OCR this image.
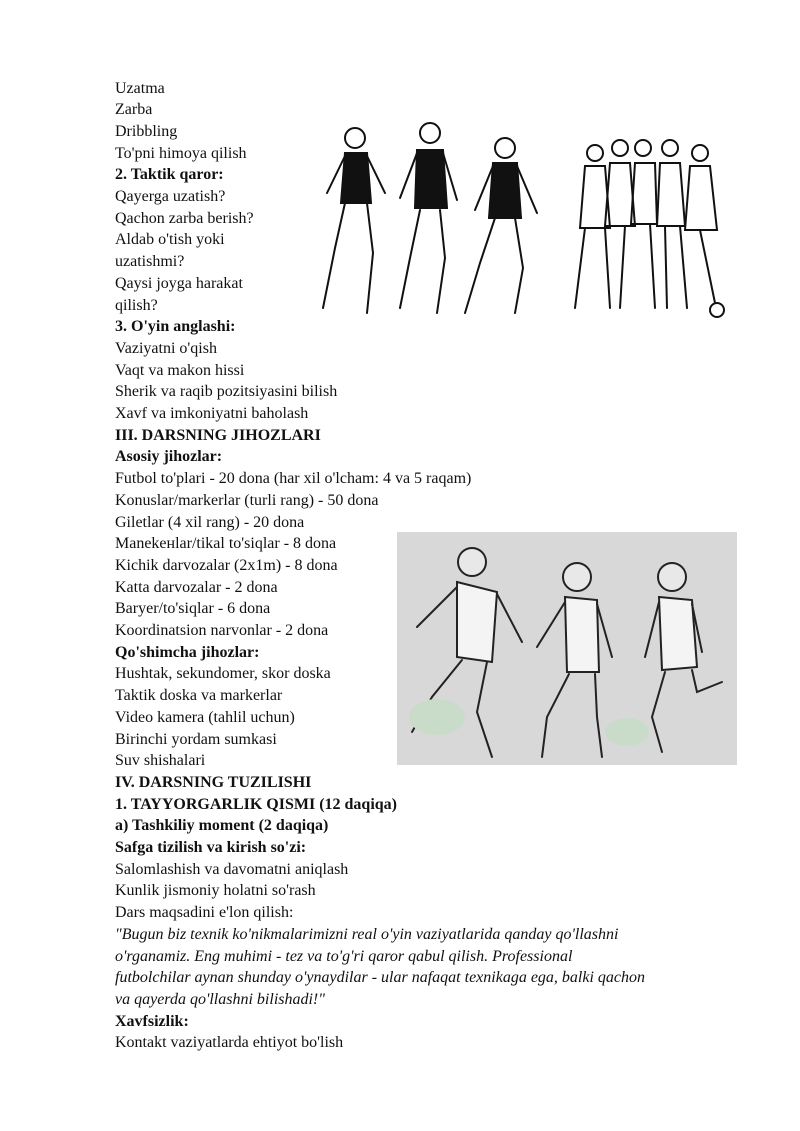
Uzatma
Zarba
Dribbling
To'pni himoya qilish
2. Taktik qaror:
Qayerga uzatish?
Qachon zarba berish?
Aldab o'tish yoki
uzatishmi?
Qaysi joyga harakat
qilish?
3. O'yin anglashi:
Vaziyatni o'qish
Vaqt va makon hissi
Sherik va raqib pozitsiyasini bilish
Xavf va imkoniyatni baholash
III. DARSNING JIHOZLARI
Asosiy jihozlar:
Futbol to'plari - 20 dona (har xil o'lcham: 4 va 5 raqam)
Konuslar/markerlar (turli rang) - 50 dona
Giletlar (4 xil rang) - 20 dona
Manekенlar/tikal to'siqlar - 8 dona
Kichik darvozalar (2x1m) - 8 dona
Katta darvozalar - 2 dona
Baryer/to'siqlar - 6 dona
Koordinatsion narvonlar - 2 dona
Qo'shimcha jihozlar:
Hushtak, sekundomer, skor doska
Taktik doska va markerlar
Video kamera (tahlil uchun)
Birinchi yordam sumkasi
Suv shishalari
IV. DARSNING TUZILISHI
1. TAYYORGARLIK QISMI (12 daqiqa)
a) Tashkiliy moment (2 daqiqa)
Safga tizilish va kirish so'zi:
Salomlashish va davomatni aniqlash
Kunlik jismoniy holatni so'rash
Dars maqsadini e'lon qilish:
"Bugun biz texnik ko'nikmalarimizni real o'yin vaziyatlarida qanday qo'llashni
o'rganamiz. Eng muhimi - tez va to'g'ri qaror qabul qilish. Professional
futbolchilar aynan shunday o'ynaydilar - ular nafaqat texnikaga ega, balki qachon
va qayerda qo'llashni bilishadi!"
Xavfsizlik:
Kontakt vaziyatlarda ehtiyot bo'lish
